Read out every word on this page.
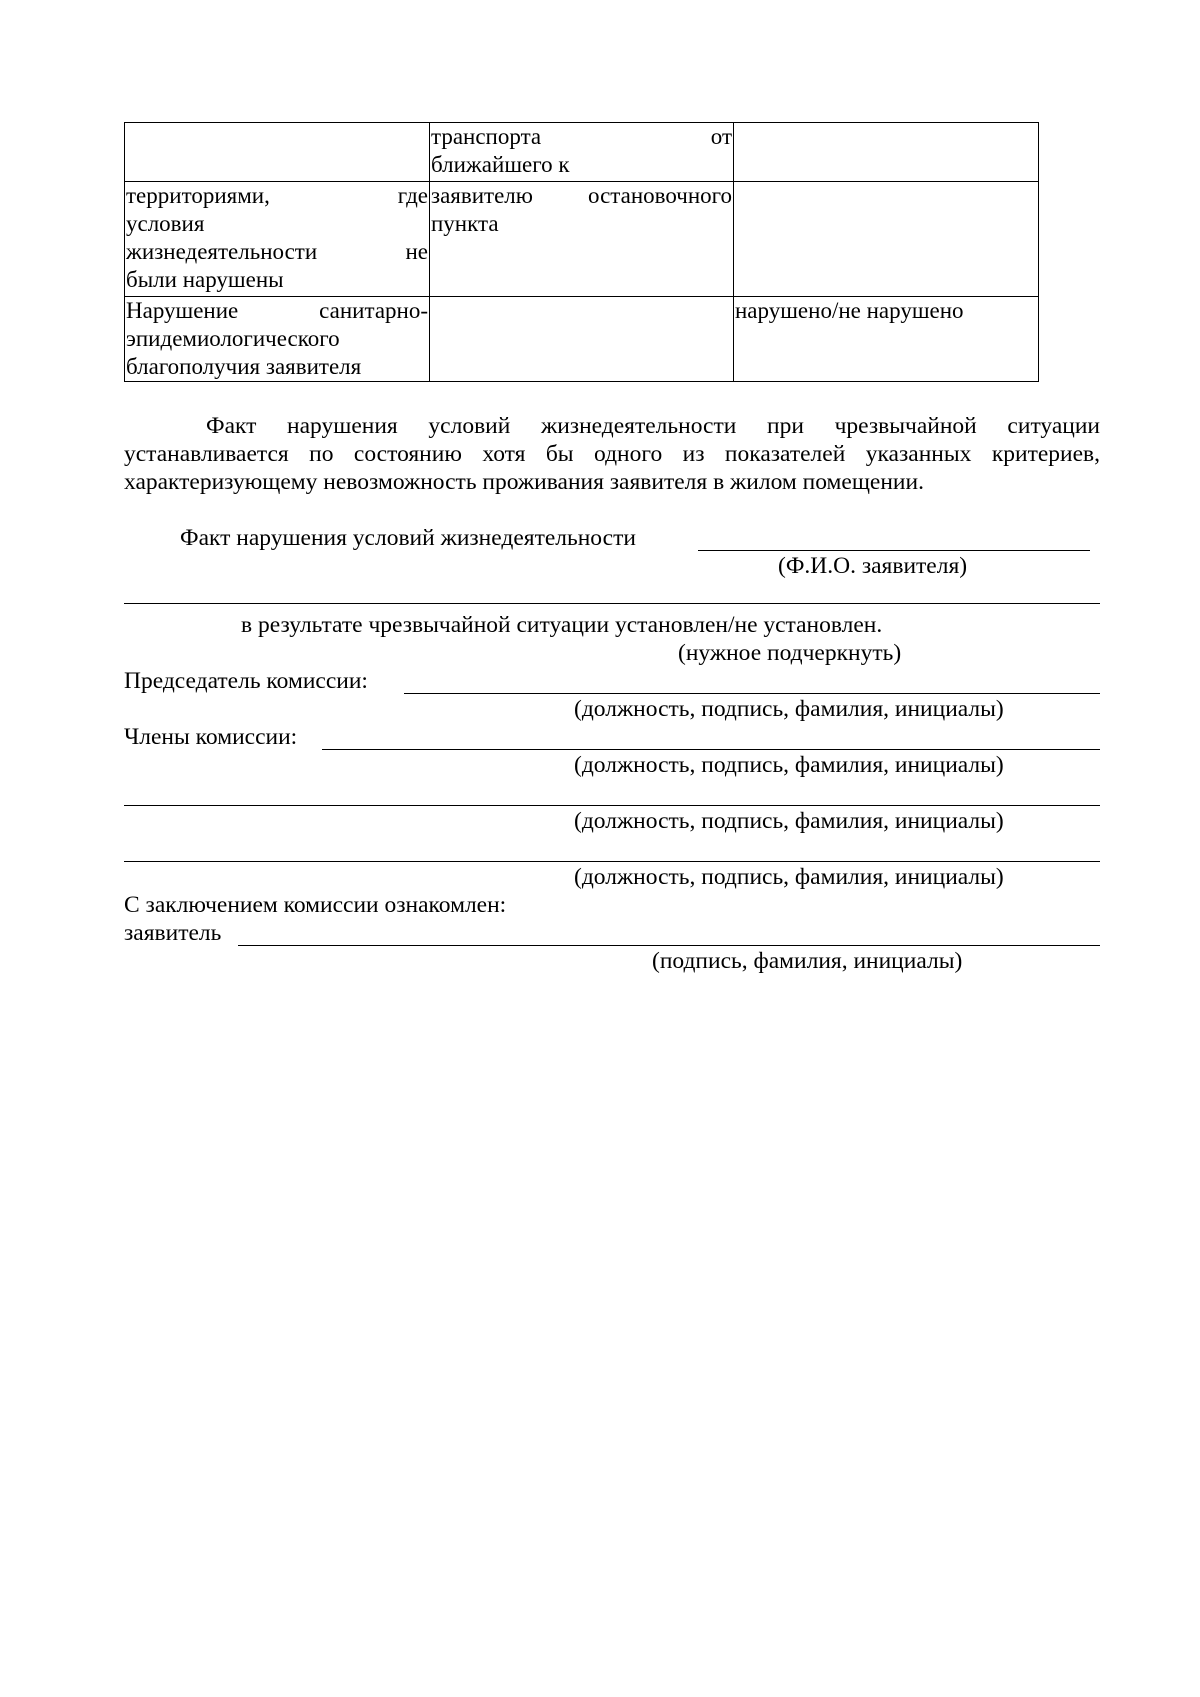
	транспорта от
ближайшего к	

территориями, где
условия
жизнедеятельности не
были нарушены	заявителю остановочного
пункта	

Нарушение санитарно-
эпидемиологического
благополучия заявителя		нарушено/не нарушено

Факт нарушения условий жизнедеятельности при чрезвычайной ситуации устанавливается по состоянию хотя бы одного из показателей указанных критериев, характеризующему невозможность проживания заявителя в жилом помещении.

Факт нарушения условий жизнедеятельности
(Ф.И.О. заявителя)
в результате чрезвычайной ситуации установлен/не установлен.
(нужное подчеркнуть)
Председатель комиссии:
(должность, подпись, фамилия, инициалы)
Члены комиссии:
(должность, подпись, фамилия, инициалы)
(должность, подпись, фамилия, инициалы)
(должность, подпись, фамилия, инициалы)
С заключением комиссии ознакомлен:
заявитель
(подпись, фамилия, инициалы)
